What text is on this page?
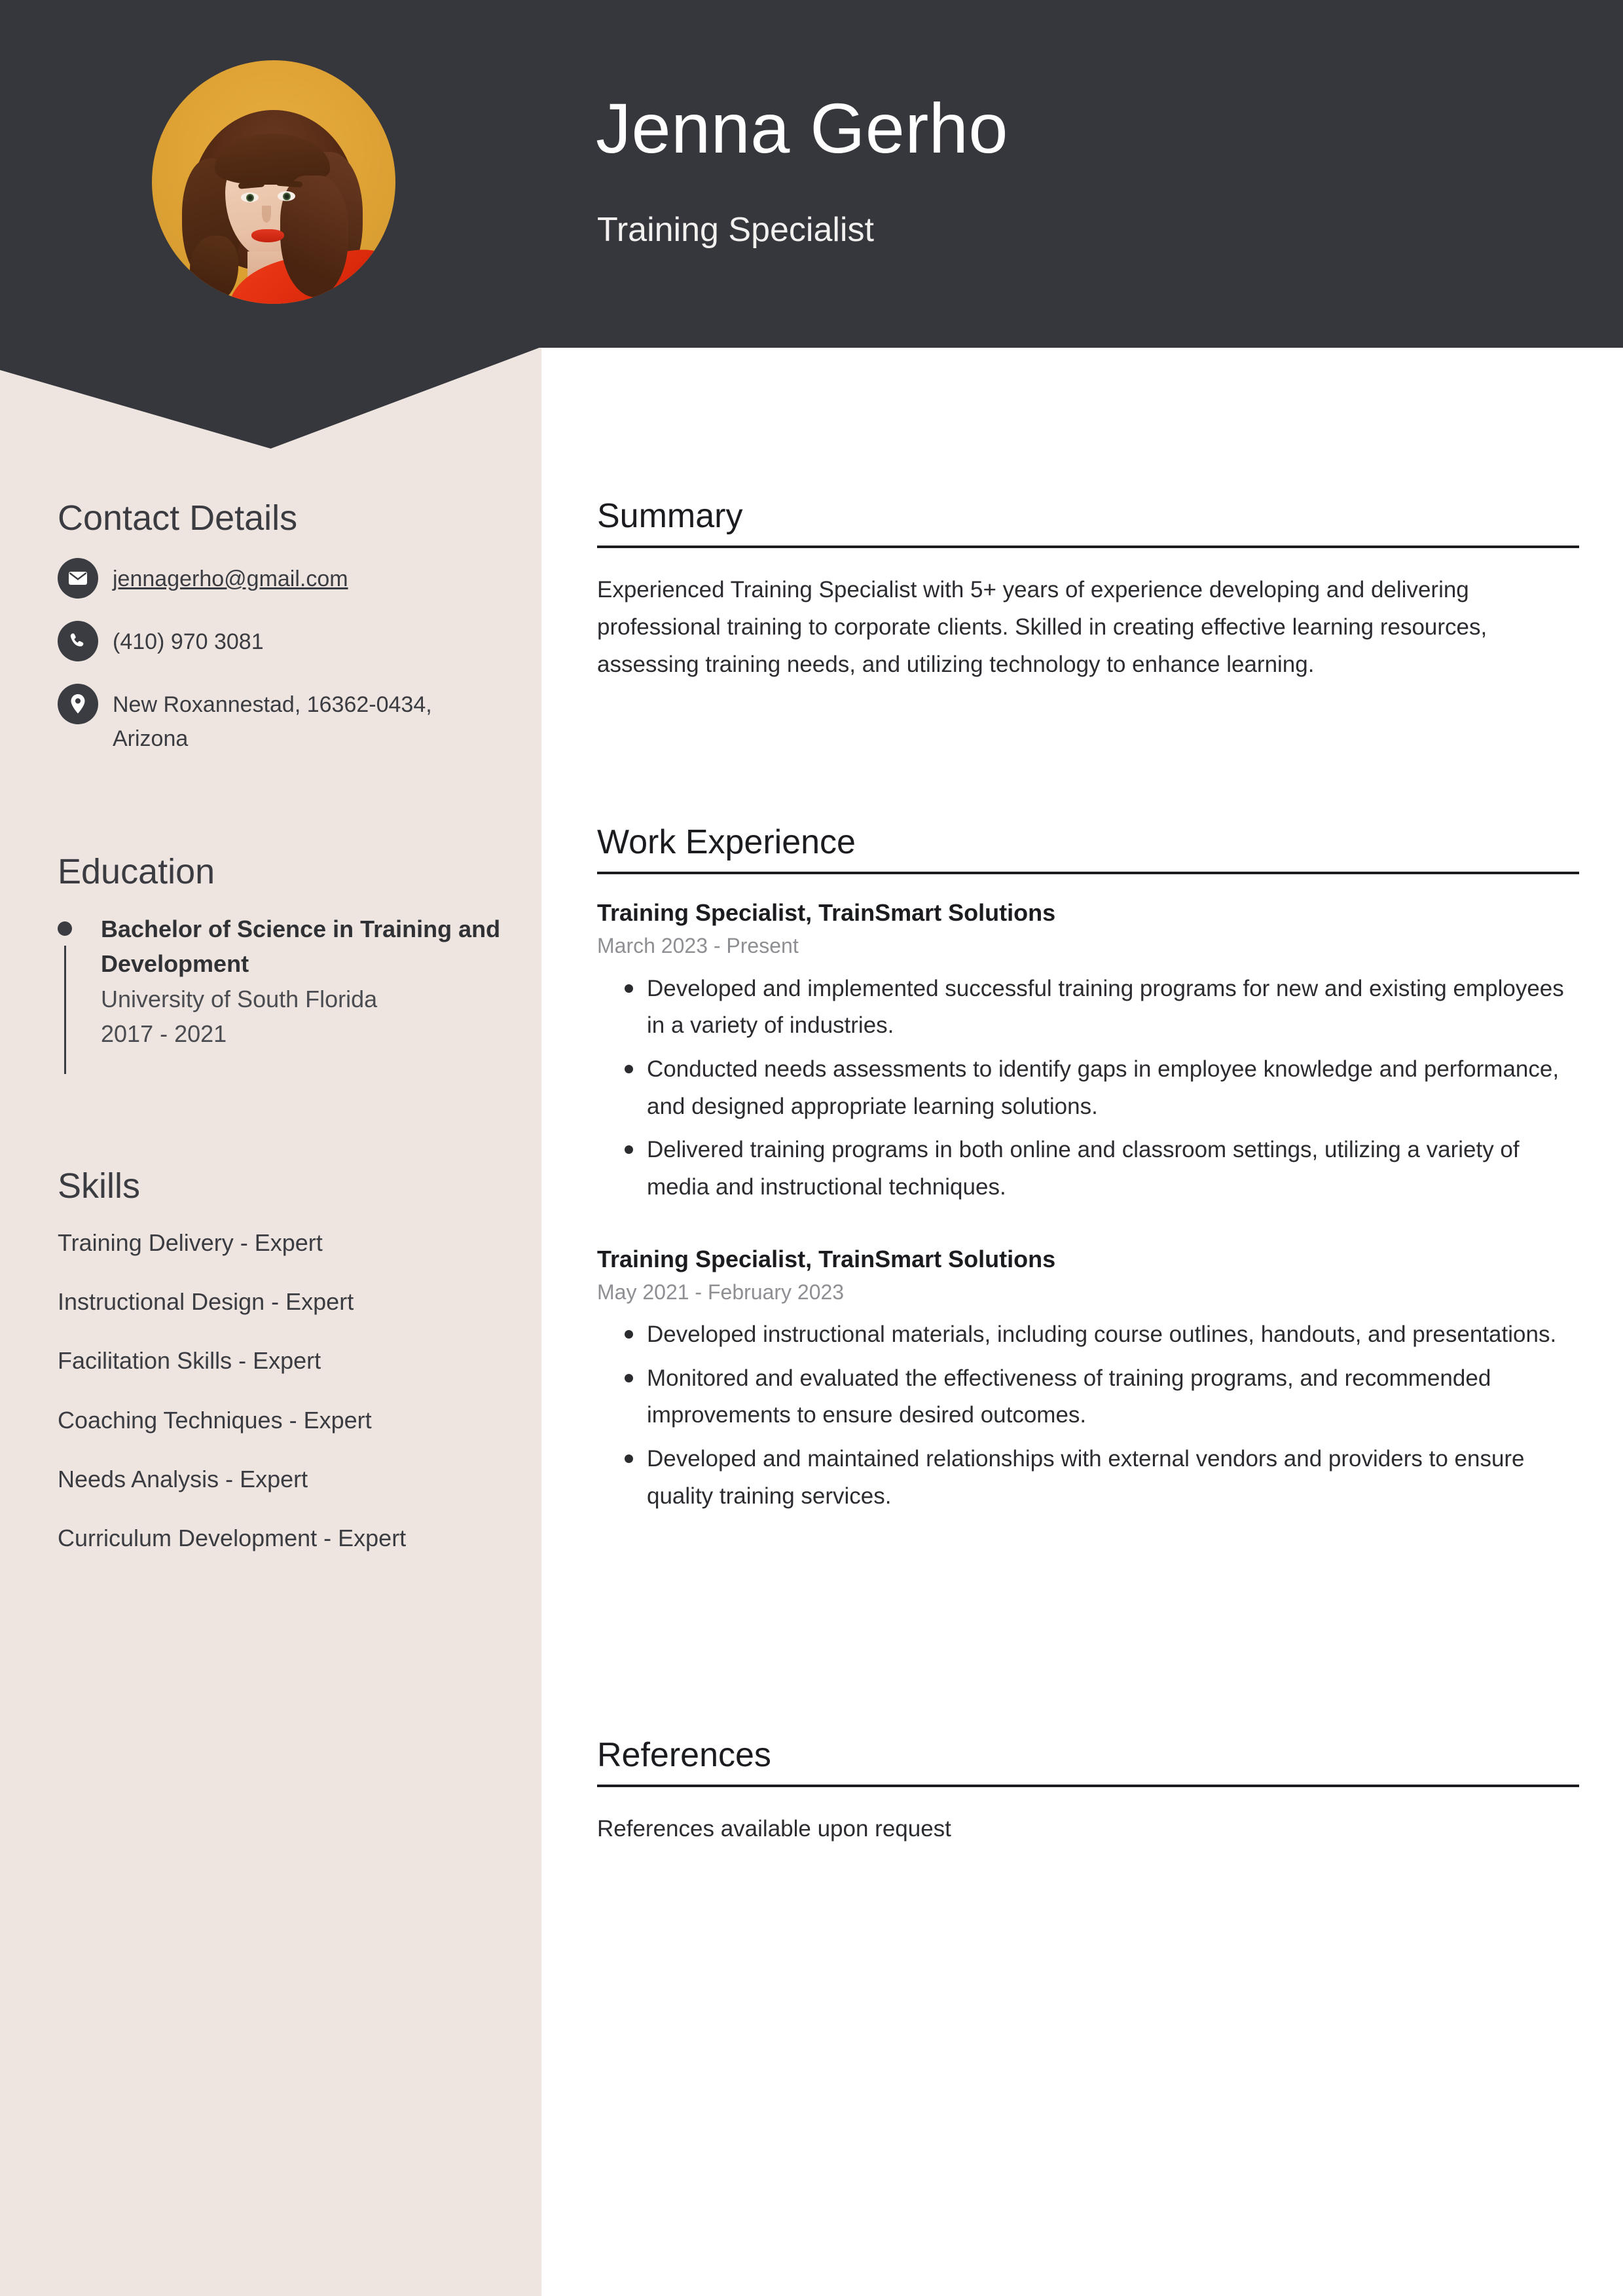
Jenna Gerho
Training Specialist
Contact Details
jennagerho@gmail.com
(410) 970 3081
New Roxannestad, 16362-0434, Arizona
Education
Bachelor of Science in Training and Development
University of South Florida
2017 - 2021
Skills
Training Delivery - Expert
Instructional Design - Expert
Facilitation Skills - Expert
Coaching Techniques - Expert
Needs Analysis - Expert
Curriculum Development - Expert
Summary
Experienced Training Specialist with 5+ years of experience developing and delivering professional training to corporate clients. Skilled in creating effective learning resources, assessing training needs, and utilizing technology to enhance learning.
Work Experience
Training Specialist, TrainSmart Solutions
March 2023 - Present
Developed and implemented successful training programs for new and existing employees in a variety of industries.
Conducted needs assessments to identify gaps in employee knowledge and performance, and designed appropriate learning solutions.
Delivered training programs in both online and classroom settings, utilizing a variety of media and instructional techniques.
Training Specialist, TrainSmart Solutions
May 2021 - February 2023
Developed instructional materials, including course outlines, handouts, and presentations.
Monitored and evaluated the effectiveness of training programs, and recommended improvements to ensure desired outcomes.
Developed and maintained relationships with external vendors and providers to ensure quality training services.
References
References available upon request
